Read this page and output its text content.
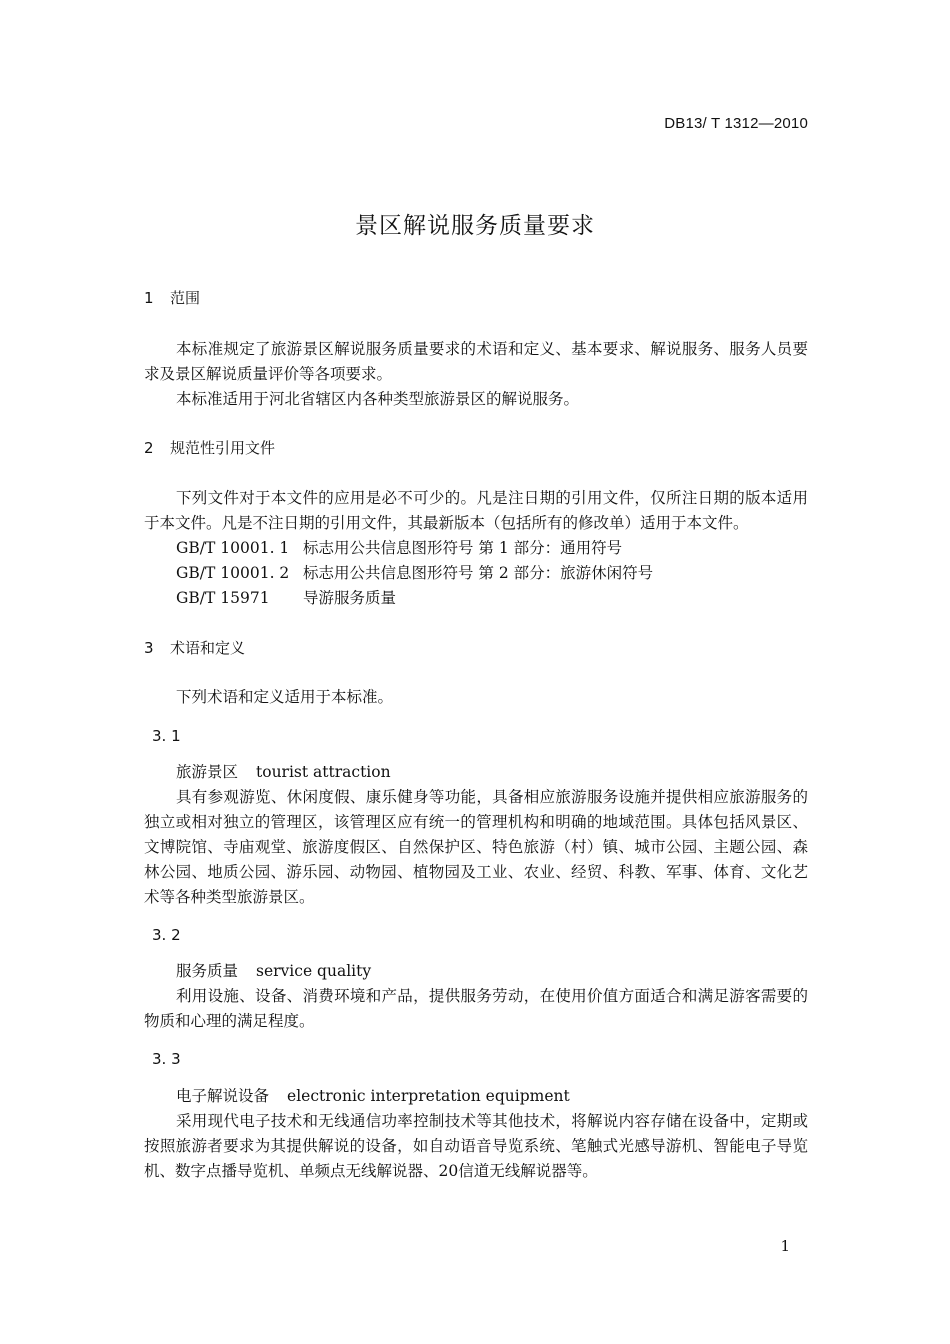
DB13/ T 1312—2010
景区解说服务质量要求
1 范围

本标准规定了旅游景区解说服务质量要求的术语和定义、基本要求、解说服务、服务人员要求及景区解说质量评价等各项要求。

本标准适用于河北省辖区内各种类型旅游景区的解说服务。

2 规范性引用文件

下列文件对于本文件的应用是必不可少的。凡是注日期的引用文件，仅所注日期的版本适用于本文件。凡是不注日期的引用文件，其最新版本（包括所有的修改单）适用于本文件。

GB/T 10001. 1 标志用公共信息图形符号 第 1 部分：通用符号

GB/T 10001. 2 标志用公共信息图形符号 第 2 部分：旅游休闲符号

GB/T 15971 导游服务质量

3 术语和定义

下列术语和定义适用于本标准。

3. 1

旅游景区 tourist attraction

具有参观游览、休闲度假、康乐健身等功能，具备相应旅游服务设施并提供相应旅游服务的独立或相对独立的管理区，该管理区应有统一的管理机构和明确的地域范围。具体包括风景区、文博院馆、寺庙观堂、旅游度假区、自然保护区、特色旅游（村）镇、城市公园、主题公园、森林公园、地质公园、游乐园、动物园、植物园及工业、农业、经贸、科教、军事、体育、文化艺术等各种类型旅游景区。

3. 2

服务质量 service quality

利用设施、设备、消费环境和产品，提供服务劳动，在使用价值方面适合和满足游客需要的物质和心理的满足程度。

3. 3

电子解说设备 electronic interpretation equipment

采用现代电子技术和无线通信功率控制技术等其他技术，将解说内容存储在设备中，定期或按照旅游者要求为其提供解说的设备，如自动语音导览系统、笔触式光感导游机、智能电子导览机、数字点播导览机、单频点无线解说器、20信道无线解说器等。

1
